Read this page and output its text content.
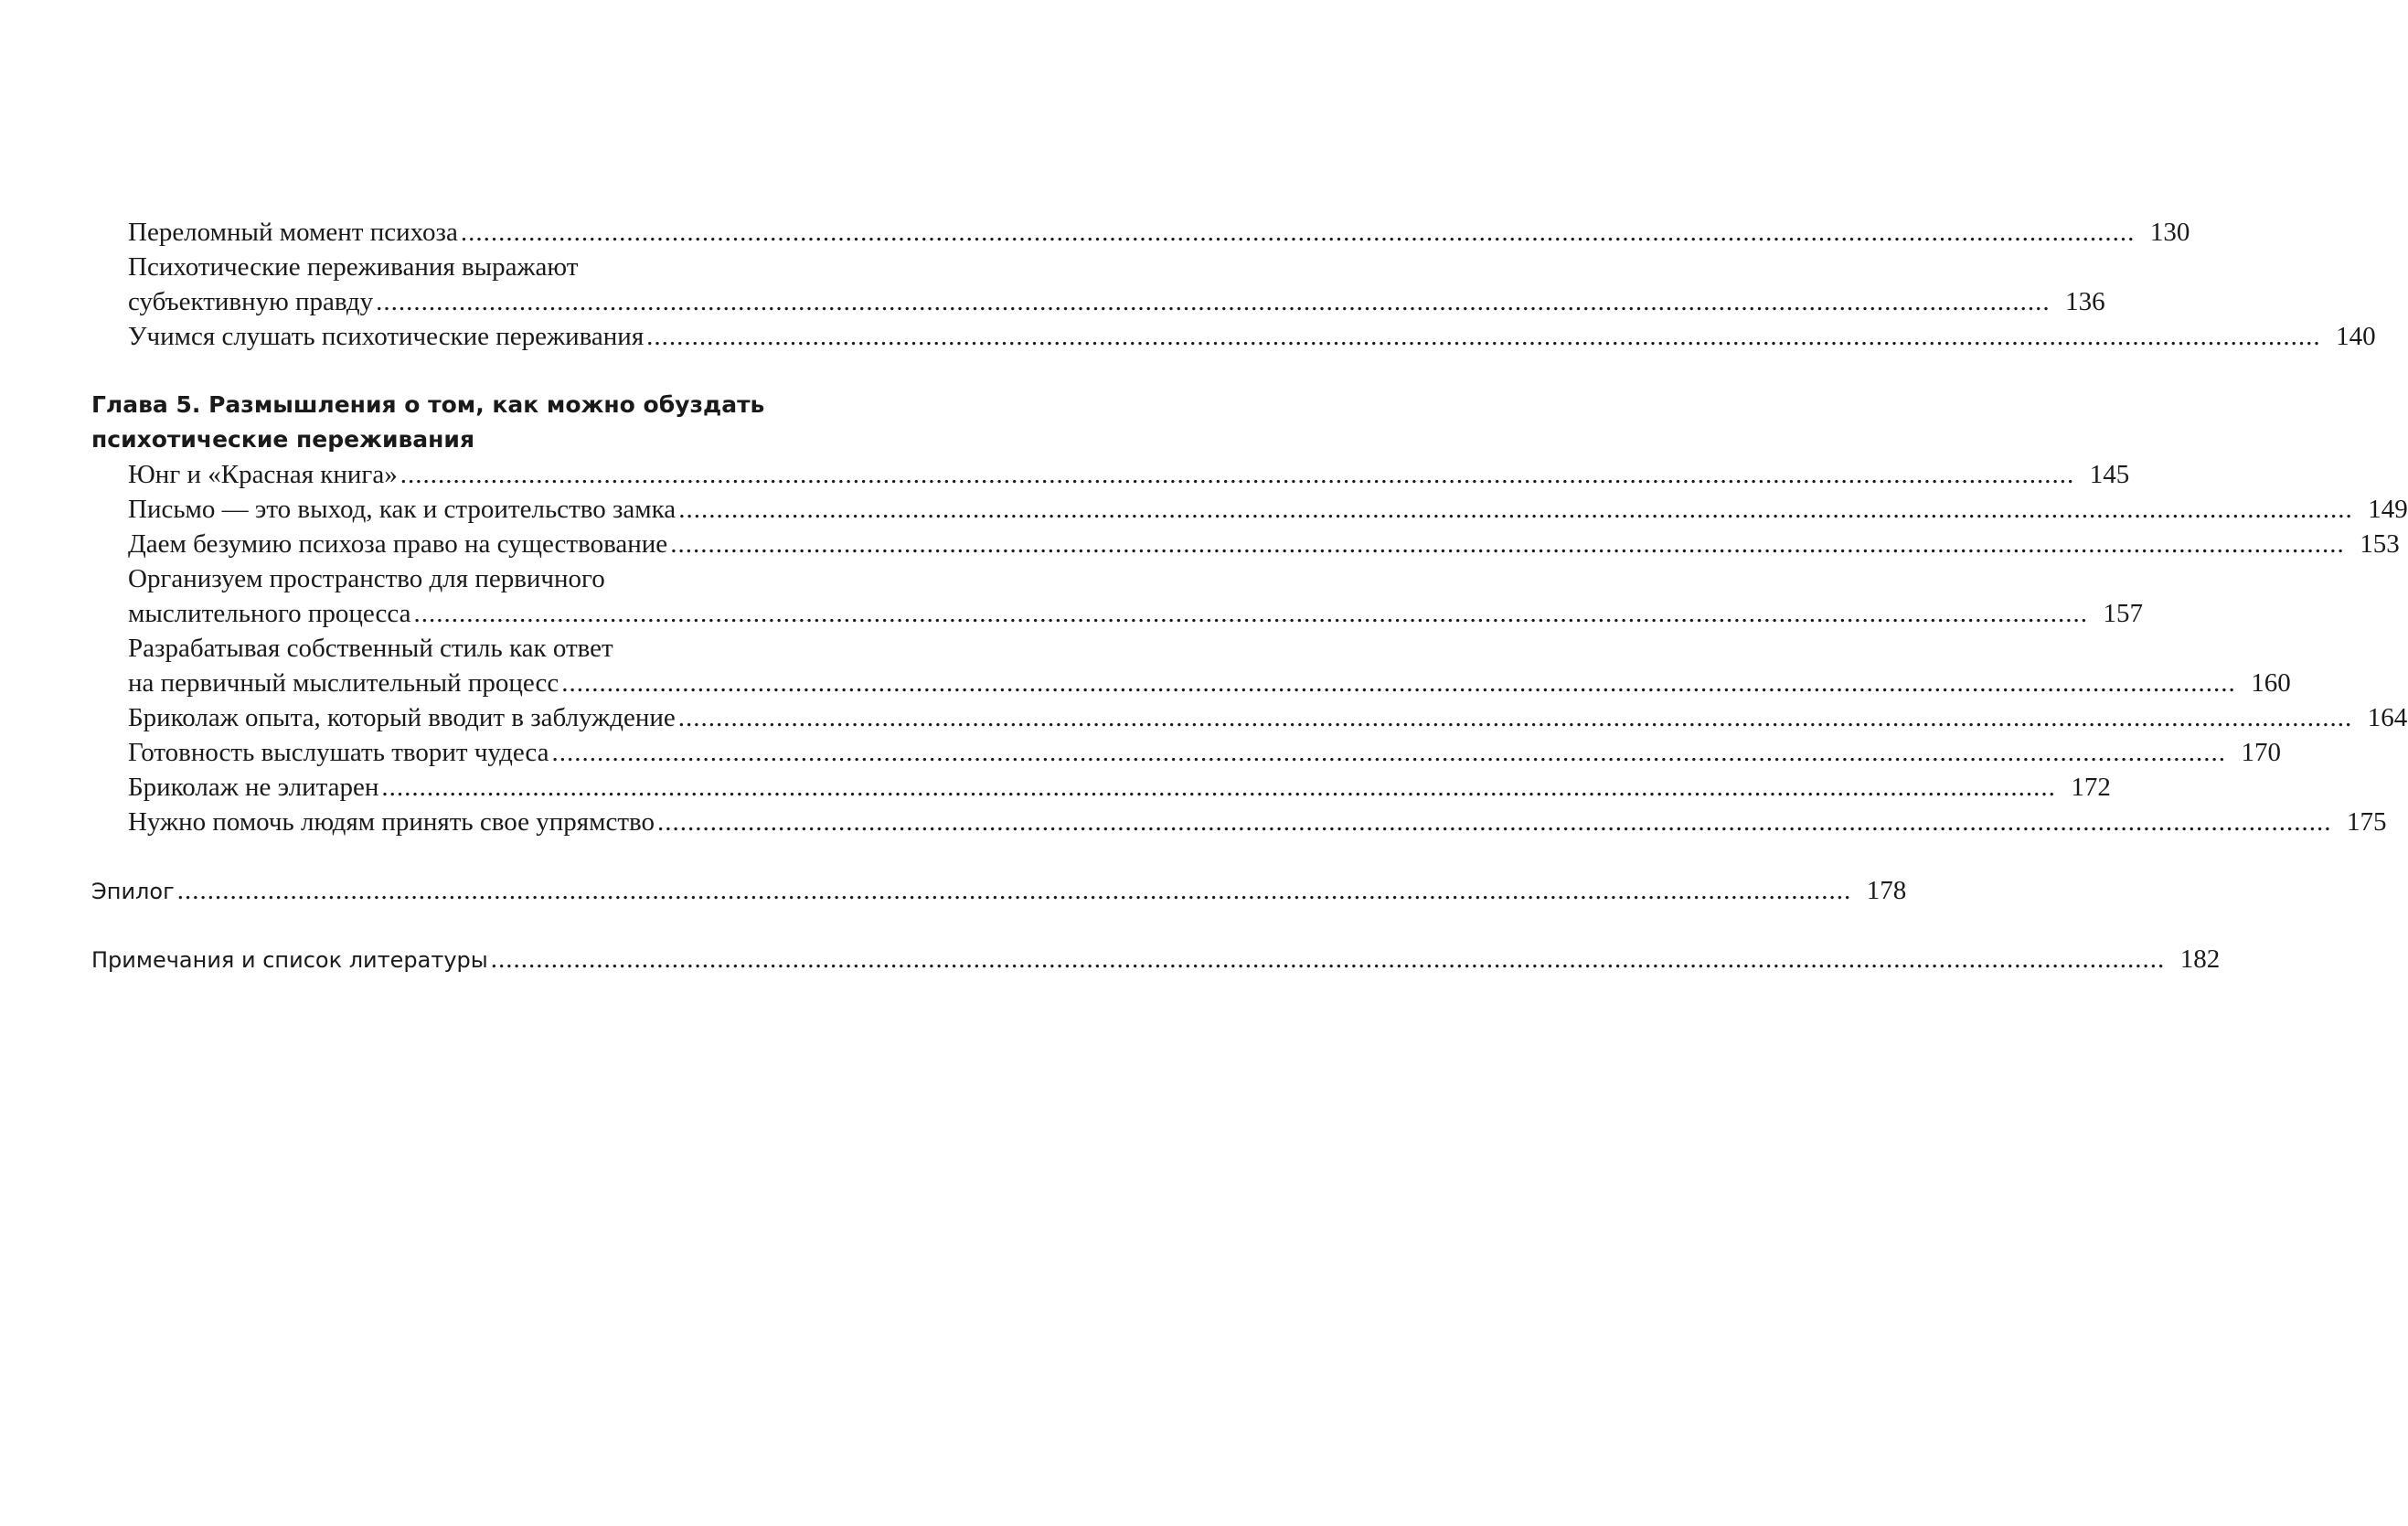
Переломный момент психоза .....	130
Психотические переживания выражают
субъективную правду .....	136
Учимся слушать психотические переживания .....	140
Глава 5. Размышления о том, как можно обуздать
психотические переживания
Юнг и «Красная книга» .....	145
Письмо — это выход, как и строительство замка .....	149
Даем безумию психоза право на существование .....	153
Организуем пространство для первичного
мыслительного процесса .....	157
Разрабатывая собственный стиль как ответ
на первичный мыслительный процесс .....	160
Бриколаж опыта, который вводит в заблуждение .....	164
Готовность выслушать творит чудеса .....	170
Бриколаж не элитарен .....	172
Нужно помочь людям принять свое упрямство .....	175
Эпилог .....	178
Примечания и список литературы .....	182
